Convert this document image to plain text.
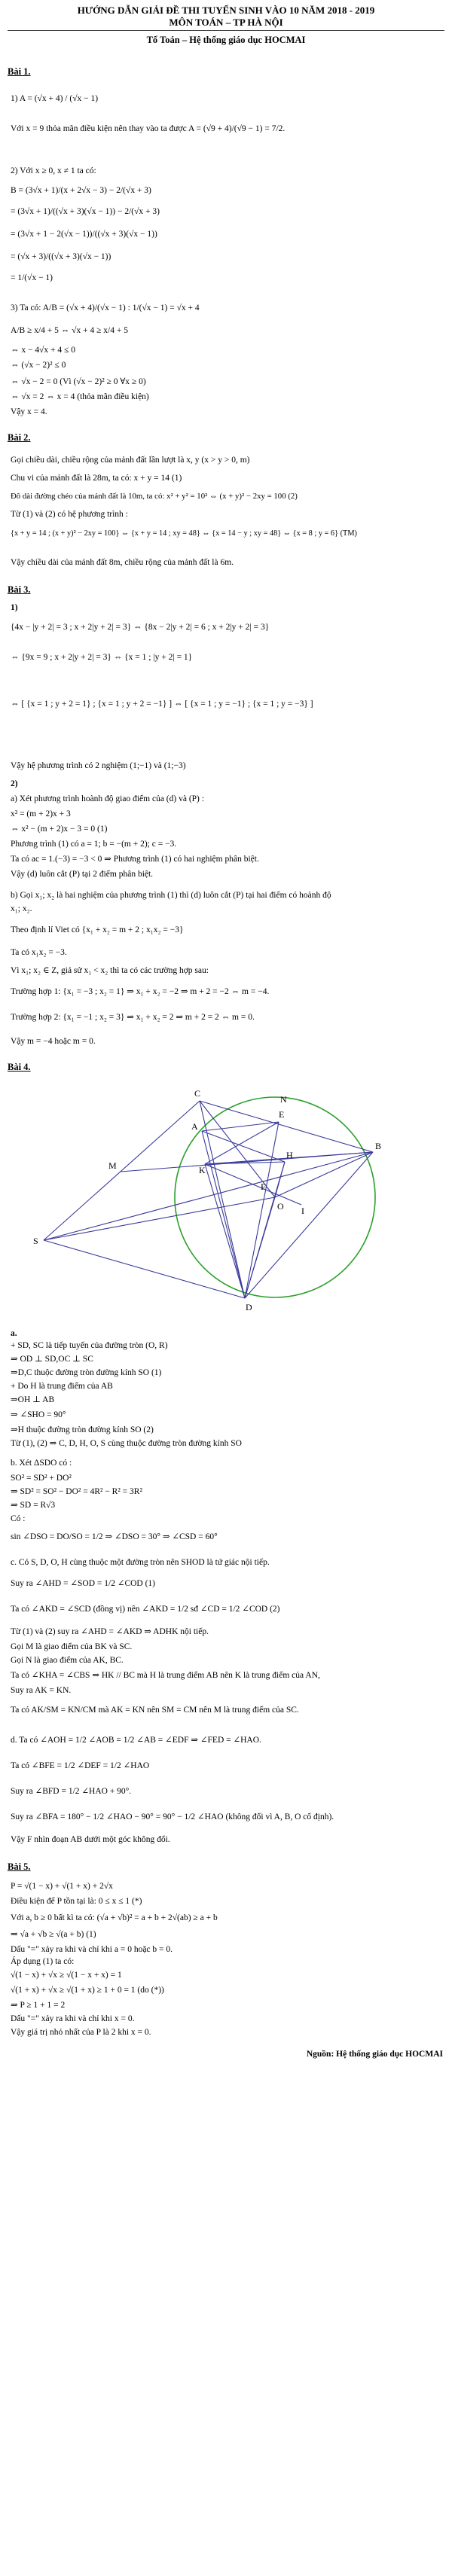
HƯỚNG DẪN GIẢI ĐỀ THI TUYỂN SINH VÀO 10 NĂM 2018 - 2019
MÔN TOÁN – TP HÀ NỘI
Tổ Toán – Hệ thống giáo dục HOCMAI
Bài 1.
1) A = (√x + 4) / (√x − 1)
Với x = 9 thỏa mãn điều kiện nên thay vào ta được A = (√9 + 4)/(√9 − 1) = 7/2.
2) Với x ≥ 0, x ≠ 1 ta có:
B = (3√x + 1)/(x + 2√x − 3) − 2/(√x + 3)
= (3√x + 1)/((√x + 3)(√x − 1)) − 2/(√x + 3)
= (3√x + 1 − 2(√x − 1))/((√x + 3)(√x − 1))
= (√x + 3)/((√x + 3)(√x − 1))
= 1/(√x − 1)
3) Ta có: A/B = (√x + 4)/(√x − 1) : 1/(√x − 1) = √x + 4
A/B ≥ x/4 + 5 ⇔ √x + 4 ≥ x/4 + 5
⇔ x − 4√x + 4 ≤ 0
⇔ (√x − 2)² ≤ 0
⇔ √x − 2 = 0 (Vì (√x − 2)² ≥ 0 ∀x ≥ 0)
⇔ √x = 2 ⇔ x = 4 (thỏa mãn điều kiện)
Vậy x = 4.
Bài 2.
Gọi chiều dài, chiều rộng của mảnh đất lần lượt là x, y (x > y > 0, m)
Chu vi của mảnh đất là 28m, ta có: x + y = 14 (1)
Đô dài đường chéo của mảnh đất là 10m, ta có: x² + y² = 10² ⇔ (x + y)² − 2xy = 100 (2)
Từ (1) và (2) có hệ phương trình :
{x + y = 14 ; (x + y)² − 2xy = 100} ⇔ {x + y = 14 ; xy = 48} ⇔ {x = 14 − y ; xy = 48} ⇔ {x = 8 ; y = 6} (TM)
Vậy chiều dài của mảnh đất 8m, chiều rộng của mảnh đất là 6m.
Bài 3.
1)
{4x − |y + 2| = 3 ; x + 2|y + 2| = 3} ⇔ {8x − 2|y + 2| = 6 ; x + 2|y + 2| = 3}
⇔ {9x = 9 ; x + 2|y + 2| = 3} ⇔ {x = 1 ; |y + 2| = 1}
⇔ [ {x = 1 ; y + 2 = 1} ; {x = 1 ; y + 2 = −1} ] ⇔ [ {x = 1 ; y = −1} ; {x = 1 ; y = −3} ]
Vậy hệ phương trình có 2 nghiệm (1;−1) và (1;−3)
2)
a) Xét phương trình hoành độ giao điểm của (d) và (P) :
x² = (m + 2)x + 3
⇔ x² − (m + 2)x − 3 = 0 (1)
Phương trình (1) có a = 1; b = −(m + 2); c = −3.
Ta có ac = 1.(−3) = −3 < 0 ⇒ Phương trình (1) có hai nghiệm phân biệt.
Vậy (d) luôn cắt (P) tại 2 điểm phân biệt.
b) Gọi x₁; x₂ là hai nghiệm của phương trình (1) thì (d) luôn cắt (P) tại hai điểm có hoành độ
x₁; x₂.
Theo định lí Viet có {x₁ + x₂ = m + 2 ; x₁x₂ = −3}
Ta có x₁x₂ = −3.
Vì x₁; x₂ ∈ Z, giả sử x₁ < x₂ thì ta có các trường hợp sau:
Trường hợp 1: {x₁ = −3 ; x₂ = 1} ⇒ x₁ + x₂ = −2 ⇒ m + 2 = −2 ⇔ m = −4.
Trường hợp 2: {x₁ = −1 ; x₂ = 3} ⇒ x₁ + x₂ = 2 ⇒ m + 2 = 2 ⇔ m = 0.
Vậy m = −4 hoặc m = 0.
Bài 4.
C
N
A
M
H
K
E
I
F
O
S
B
D
a.
+ SD, SC là tiếp tuyến của đường tròn (O, R)
⇒ OD ⊥ SD,OC ⊥ SC
⇒D,C thuộc đường tròn đường kính SO (1)
+ Do H là trung điểm của AB
⇒OH ⊥ AB
⇒ ∠SHO = 90°
⇒H thuộc đường tròn đường kính SO (2)
Từ (1), (2) ⇒ C, D, H, O, S cùng thuộc đường tròn đường kính SO
b. Xét ΔSDO có :
SO² = SD² + DO²
⇒ SD² = SO² − DO² = 4R² − R² = 3R²
⇒ SD = R√3
Có :
sin ∠DSO = DO/SO = 1/2 ⇒ ∠DSO = 30° ⇒ ∠CSD = 60°
c. Có S, D, O, H cùng thuộc một đường tròn nên SHOD là tứ giác nội tiếp.
Suy ra ∠AHD = ∠SOD = 1/2 ∠COD (1)
Ta có ∠AKD = ∠SCD (đồng vị) nên ∠AKD = 1/2 sđ ∠CD = 1/2 ∠COD (2)
Từ (1) và (2) suy ra ∠AHD = ∠AKD ⇒ ADHK nội tiếp.
Gọi M là giao điểm của BK và SC.
Gọi N là giao điểm của AK, BC.
Ta có ∠KHA = ∠CBS ⇒ HK // BC mà H là trung điểm AB nên K là trung điểm của AN,
Suy ra AK = KN.
Ta có AK/SM = KN/CM mà AK = KN nên SM = CM nên M là trung điểm của SC.
d. Ta có ∠AOH = 1/2 ∠AOB = 1/2 ∠AB = ∠EDF ⇒ ∠FED = ∠HAO.
Ta có ∠BFE = 1/2 ∠DEF = 1/2 ∠HAO
Suy ra ∠BFD = 1/2 ∠HAO + 90°.
Suy ra ∠BFA = 180° − 1/2 ∠HAO − 90° = 90° − 1/2 ∠HAO (không đổi vì A, B, O cố định).
Vậy F nhìn đoạn AB dưới một góc không đổi.
Bài 5.
P = √(1 − x) + √(1 + x) + 2√x
Điều kiện để P tồn tại là: 0 ≤ x ≤ 1 (*)
Với a, b ≥ 0 bất kì ta có: (√a + √b)² = a + b + 2√(ab) ≥ a + b
⇒ √a + √b ≥ √(a + b) (1)
Dấu "=" xảy ra khi và chỉ khi a = 0 hoặc b = 0.
Áp dụng (1) ta có:
√(1 − x) + √x ≥ √(1 − x + x) = 1
√(1 + x) + √x ≥ √(1 + x) ≥ 1 + 0 = 1 (do (*))
⇒ P ≥ 1 + 1 = 2
Dấu "=" xảy ra khi và chỉ khi x = 0.
Vậy giá trị nhỏ nhất của P là 2 khi x = 0.
Nguồn: Hệ thống giáo dục HOCMAI
